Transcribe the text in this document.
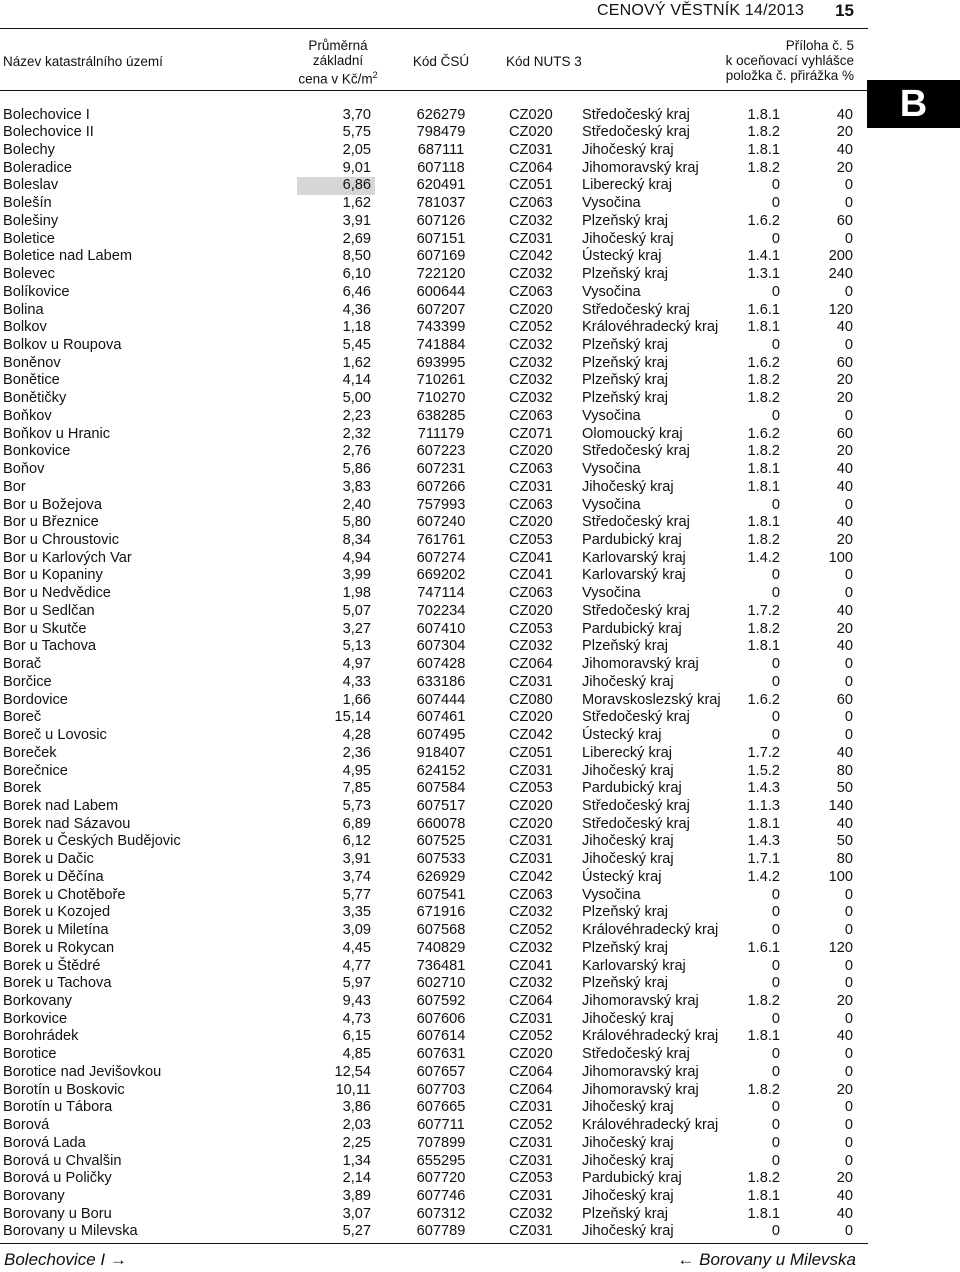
CENOVÝ VĚSTNÍK 14/2013 15
Název katastrálního území
Průměrná
základní
cena v $Kč/m^2$
Kód ČSÚ	Kód NUTS 3
Příloha č. 5
k oceňovací vyhlášce
položka č. přirážka %
B
Bolechovice I	3,70	626279	CZ020 Středočeský kraj	1.8.1	40
Bolechovice II	5,75	798479	CZ020 Středočeský kraj	1.8.2	20
Bolechy	2,05	687111	CZ031 Jihočeský kraj	1.8.1	40
Boleradice	9,01	607118	CZ064 Jihomoravský kraj	1.8.2	20
Boleslav	6,86	620491	CZ051 Liberecký kraj	0	0
Bolešín	1,62	781037	CZ063 Vysočina	0	0
Bolešiny	3,91	607126	CZ032 Plzeňský kraj	1.6.2	60
Boletice	2,69	607151	CZ031 Jihočeský kraj	0	0
Boletice nad Labem	8,50	607169	CZ042 Ústecký kraj	1.4.1	200
Bolevec	6,10	722120	CZ032 Plzeňský kraj	1.3.1	240
Bolíkovice	6,46	600644	CZ063 Vysočina	0	0
Bolina	4,36	607207	CZ020 Středočeský kraj	1.6.1	120
Bolkov	1,18	743399	CZ052 Královéhradecký kraj	1.8.1	40
Bolkov u Roupova	5,45	741884	CZ032 Plzeňský kraj	0	0
Boněnov	1,62	693995	CZ032 Plzeňský kraj	1.6.2	60
Bonětice	4,14	710261	CZ032 Plzeňský kraj	1.8.2	20
Bonětičky	5,00	710270	CZ032 Plzeňský kraj	1.8.2	20
Boňkov	2,23	638285	CZ063 Vysočina	0	0
Boňkov u Hranic	2,32	711179	CZ071 Olomoucký kraj	1.6.2	60
Bonkovice	2,76	607223	CZ020 Středočeský kraj	1.8.2	20
Boňov	5,86	607231	CZ063 Vysočina	1.8.1	40
Bor	3,83	607266	CZ031 Jihočeský kraj	1.8.1	40
Bor u Božejova	2,40	757993	CZ063 Vysočina	0	0
Bor u Březnice	5,80	607240	CZ020 Středočeský kraj	1.8.1	40
Bor u Chroustovic	8,34	761761	CZ053 Pardubický kraj	1.8.2	20
Bor u Karlových Var	4,94	607274	CZ041 Karlovarský kraj	1.4.2	100
Bor u Kopaniny	3,99	669202	CZ041 Karlovarský kraj	0	0
Bor u Nedvědice	1,98	747114	CZ063 Vysočina	0	0
Bor u Sedlčan	5,07	702234	CZ020 Středočeský kraj	1.7.2	40
Bor u Skutče	3,27	607410	CZ053 Pardubický kraj	1.8.2	20
Bor u Tachova	5,13	607304	CZ032 Plzeňský kraj	1.8.1	40
Borač	4,97	607428	CZ064 Jihomoravský kraj	0	0
Borčice	4,33	633186	CZ031 Jihočeský kraj	0	0
Bordovice	1,66	607444	CZ080 Moravskoslezský kraj	1.6.2	60
Boreč	15,14	607461	CZ020 Středočeský kraj	0	0
Boreč u Lovosic	4,28	607495	CZ042 Ústecký kraj	0	0
Boreček	2,36	918407	CZ051 Liberecký kraj	1.7.2	40
Borečnice	4,95	624152	CZ031 Jihočeský kraj	1.5.2	80
Borek	7,85	607584	CZ053 Pardubický kraj	1.4.3	50
Borek nad Labem	5,73	607517	CZ020 Středočeský kraj	1.1.3	140
Borek nad Sázavou	6,89	660078	CZ020 Středočeský kraj	1.8.1	40
Borek u Českých Budějovic	6,12	607525	CZ031 Jihočeský kraj	1.4.3	50
Borek u Dačic	3,91	607533	CZ031 Jihočeský kraj	1.7.1	80
Borek u Děčína	3,74	626929	CZ042 Ústecký kraj	1.4.2	100
Borek u Chotěboře	5,77	607541	CZ063 Vysočina	0	0
Borek u Kozojed	3,35	671916	CZ032 Plzeňský kraj	0	0
Borek u Miletína	3,09	607568	CZ052 Královéhradecký kraj	0	0
Borek u Rokycan	4,45	740829	CZ032 Plzeňský kraj	1.6.1	120
Borek u Štědré	4,77	736481	CZ041 Karlovarský kraj	0	0
Borek u Tachova	5,97	602710	CZ032 Plzeňský kraj	0	0
Borkovany	9,43	607592	CZ064 Jihomoravský kraj	1.8.2	20
Borkovice	4,73	607606	CZ031 Jihočeský kraj	0	0
Borohrádek	6,15	607614	CZ052 Královéhradecký kraj	1.8.1	40
Borotice	4,85	607631	CZ020 Středočeský kraj	0	0
Borotice nad Jevišovkou	12,54	607657	CZ064 Jihomoravský kraj	0	0
Borotín u Boskovic	10,11	607703	CZ064 Jihomoravský kraj	1.8.2	20
Borotín u Tábora	3,86	607665	CZ031 Jihočeský kraj	0	0
Borová	2,03	607711	CZ052 Královéhradecký kraj	0	0
Borová Lada	2,25	707899	CZ031 Jihočeský kraj	0	0
Borová u Chvalšin	1,34	655295	CZ031 Jihočeský kraj	0	0
Borová u Poličky	2,14	607720	CZ053 Pardubický kraj	1.8.2	20
Borovany	3,89	607746	CZ031 Jihočeský kraj	1.8.1	40
Borovany u Boru	3,07	607312	CZ032 Plzeňský kraj	1.8.1	40
Borovany u Milevska	5,27	607789	CZ031 Jihočeský kraj	0	0
Bolechovice I →	← Borovany u Milevska
